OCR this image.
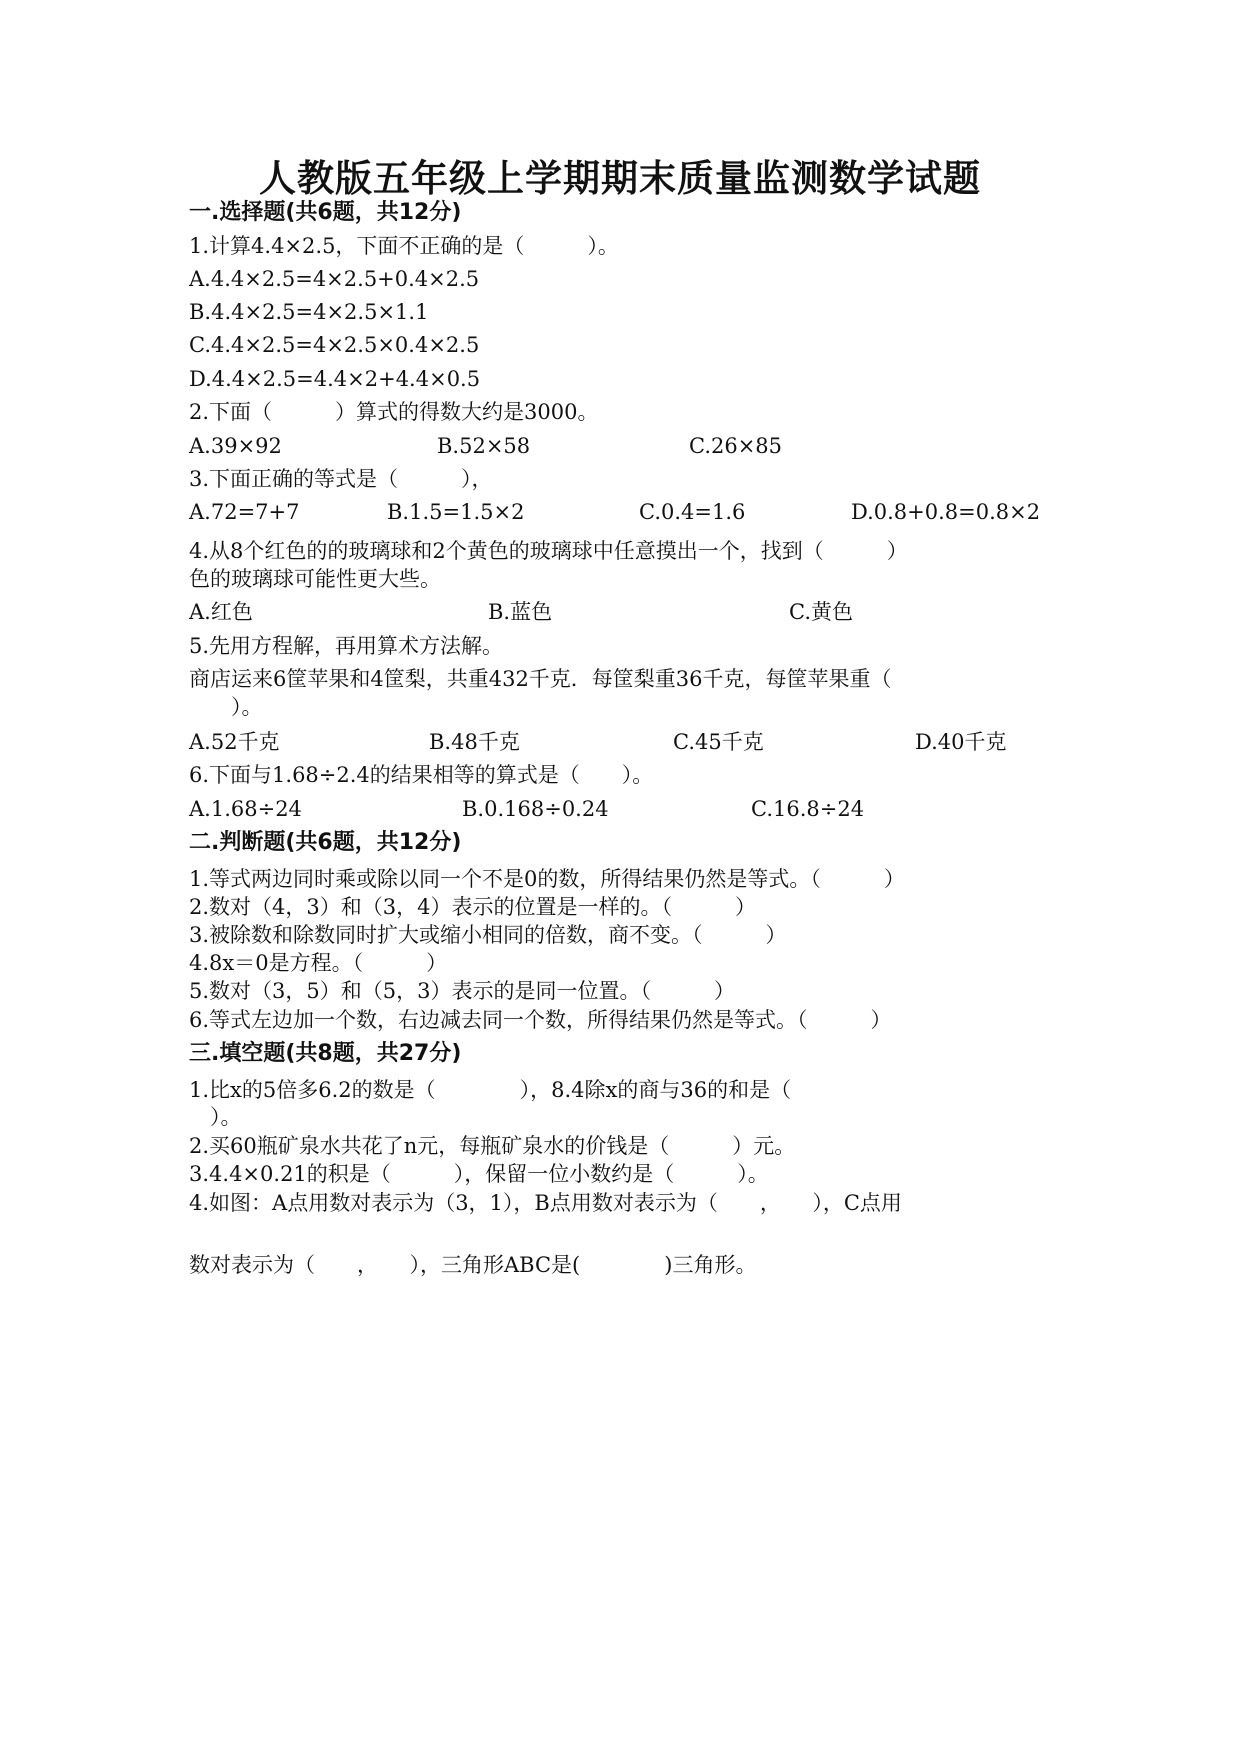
人教版五年级上学期期末质量监测数学试题
一.选择题(共6题，共12分)
1.计算4.4×2.5，下面不正确的是（　　　）。
A.4.4×2.5=4×2.5+0.4×2.5
B.4.4×2.5=4×2.5×1.1
C.4.4×2.5=4×2.5×0.4×2.5
D.4.4×2.5=4.4×2+4.4×0.5
2.下面（　　　）算式的得数大约是3000。
A.39×92	B.52×58	C.26×85
3.下面正确的等式是（　　　），
A.72=7+7	B.1.5=1.5×2	C.0.4=1.6	D.0.8+0.8=0.8×2
4.从8个红色的的玻璃球和2个黄色的玻璃球中任意摸出一个，找到（　　　）
色的玻璃球可能性更大些。
A.红色	B.蓝色	C.黄色
5.先用方程解，再用算术方法解。
商店运来6筐苹果和4筐梨，共重432千克．每筐梨重36千克，每筐苹果重（
　　）。
A.52千克	B.48千克	C.45千克	D.40千克
6.下面与1.68÷2.4的结果相等的算式是（　　）。
A.1.68÷24	B.0.168÷0.24	C.16.8÷24
二.判断题(共6题，共12分)
1.等式两边同时乘或除以同一个不是0的数，所得结果仍然是等式。（　　　）
2.数对（4，3）和（3，4）表示的位置是一样的。（　　　）
3.被除数和除数同时扩大或缩小相同的倍数，商不变。（　　　）
4.8x＝0是方程。（　　　）
5.数对（3，5）和（5，3）表示的是同一位置。（　　　）
6.等式左边加一个数，右边减去同一个数，所得结果仍然是等式。（　　　）
三.填空题(共8题，共27分)
1.比x的5倍多6.2的数是（　　　　），8.4除x的商与36的和是（
　）。
2.买60瓶矿泉水共花了n元，每瓶矿泉水的价钱是（　　　）元。
3.4.4×0.21的积是（　　　），保留一位小数约是（　　　）。
4.如图：A点用数对表示为（3，1），B点用数对表示为（　　，　　），C点用
数对表示为（　　，　　），三角形ABC是(　　　　)三角形。
